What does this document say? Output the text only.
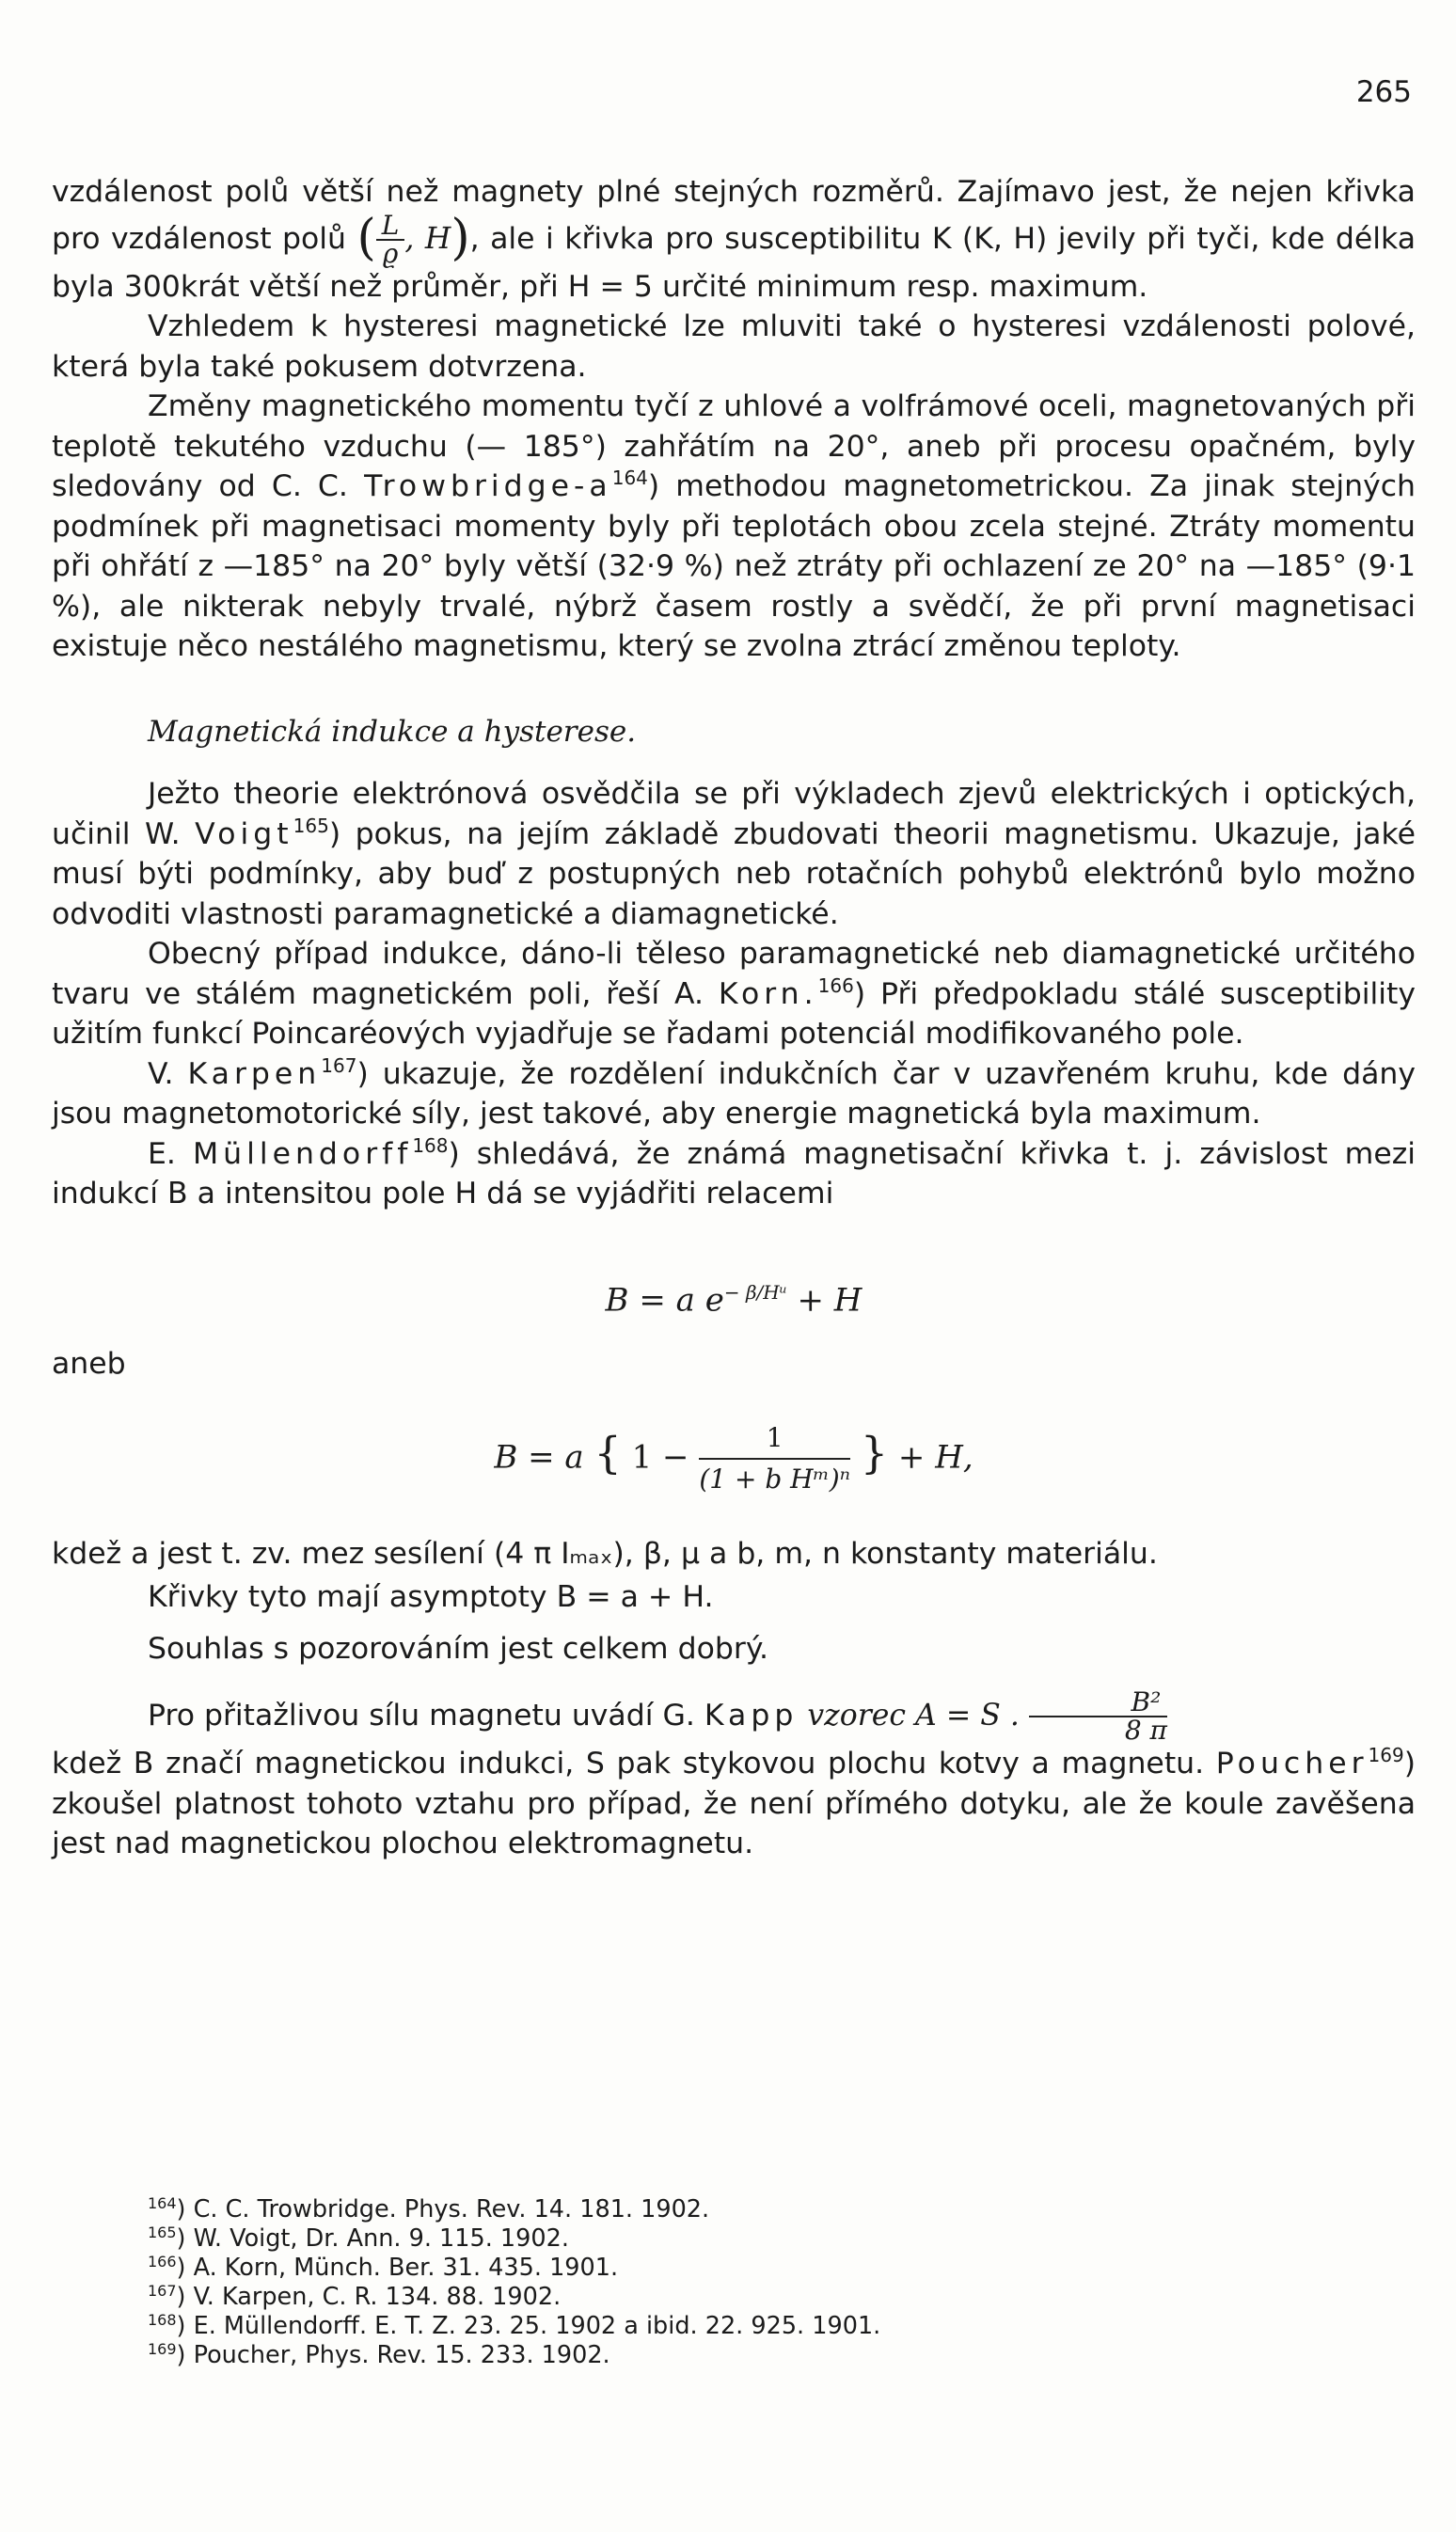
265

vzdálenost polů větší než magnety plné stejných rozměrů. Zajímavo jest, že nejen křivka pro vzdálenost polů ( $\frac{L}{ϱ}$ , H), ale i křivka pro susceptibilitu K (K, H) jevily při tyči, kde délka byla 300krát větší než průměr, při H = 5 určité minimum resp. maximum.

Vzhledem k hysteresi magnetické lze mluviti také o hysteresi vzdálenosti polové, která byla také pokusem dotvrzena.

Změny magnetického momentu tyčí z uhlové a volfrámové oceli, magnetovaných při teplotě tekutého vzduchu (— 185°) zahřátím na 20°, aneb při procesu opačném, byly sledovány od C. C. Trowbridge-$a^{164}$) methodou magnetometrickou. Za jinak stejných podmínek při magnetisaci momenty byly při teplotách obou zcela stejné. Ztráty momentu při ohřátí z —185° na 20° byly větší (32·9 %) než ztráty při ochlazení ze 20° na —185° (9·1 %), ale nikterak nebyly trvalé, nýbrž časem rostly a svědčí, že při první magnetisaci existuje něco nestálého magnetismu, který se zvolna ztrácí změnou teploty.

Magnetická indukce a hysterese.

Ježto theorie elektrónová osvědčila se při výkladech zjevů elektrických i optických, učinil W. Voigt$^{165}$) pokus, na jejím základě zbudovati theorii magnetismu. Ukazuje, jaké musí býti podmínky, aby buď z postupných neb rotačních pohybů elektrónů bylo možno odvoditi vlastnosti paramagnetické a diamagnetické.

Obecný případ indukce, dáno-li těleso paramagnetické neb diamagnetické určitého tvaru ve stálém magnetickém poli, řeší A. Korn.$^{166}$) Při předpokladu stálé susceptibility užitím funkcí Poincaréových vyjadřuje se řadami potenciál modifikovaného pole.

V. Karpen$^{167}$) ukazuje, že rozdělení indukčních čar v uzavřeném kruhu, kde dány jsou magnetomotorické síly, jest takové, aby energie magnetická byla maximum.

E. Müllendorff$^{168}$) shledává, že známá magnetisační křivka t. j. závislost mezi indukcí B a intensitou pole H dá se vyjádřiti relacemi

B = a $e^{- \beta/Hᵘ} + H$

aneb

B = a { $1 - \frac{1}{\text{(1 + b Hᵐ)ⁿ}}$ } + H,

kdež a jest t. zv. mez sesílení (4 π Iₘₐₓ), β, μ a b, m, n konstanty materiálu.

Křivky tyto mají asymptoty B = a + H.

Souhlas s pozorováním jest celkem dobrý.

Pro přitažlivou sílu magnetu uvádí G. Kapp vzorec A = S . $\frac{\text{B²}}{8 \pi}$

kdež B značí magnetickou indukci, S pak stykovou plochu kotvy a magnetu. Poucher$^{169}$) zkoušel platnost tohoto vztahu pro případ, že není přímého dotyku, ale že koule zavěšena jest nad magnetickou plochou elektromagnetu.

$^{164}$) C. C. Trowbridge. Phys. Rev. 14. 181. 1902.
$^{165}$) W. Voigt, Dr. Ann. 9. 115. 1902.
$^{166}$) A. Korn, Münch. Ber. 31. 435. 1901.
$^{167}$) V. Karpen, C. R. 134. 88. 1902.
$^{168}$) E. Müllendorff. E. T. Z. 23. 25. 1902 a ibid. 22. 925. 1901.
$^{169}$) Poucher, Phys. Rev. 15. 233. 1902.
